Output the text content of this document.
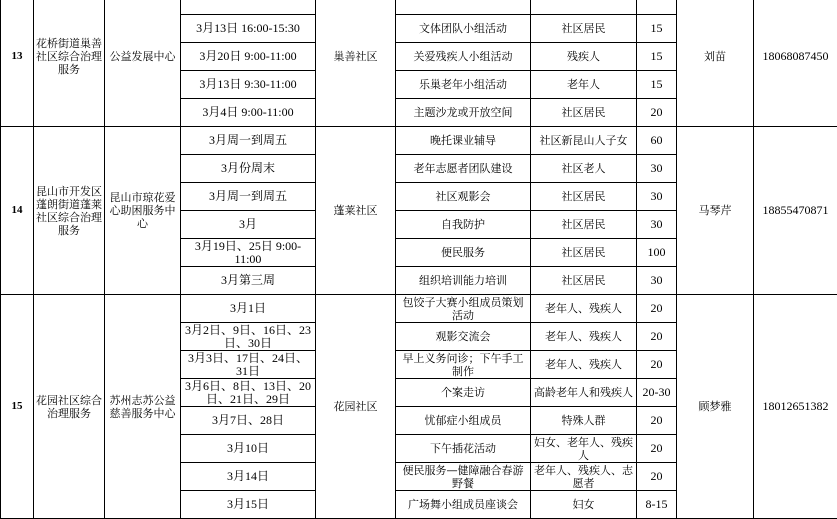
13	花桥街道巢善社区综合治理服务	公益发展中心		巢善社区				刘苗	18068087450
			3月13日 16:00-15:30		文体团队小组活动	社区居民	15		
			3月20日 9:00-11:00		关爱残疾人小组活动	残疾人	15		
			3月13日 9:30-11:00		乐巢老年小组活动	老年人	15		
			3月4日 9:00-11:00		主题沙龙或开放空间	社区居民	20		
14	昆山市开发区蓬朗街道蓬莱社区综合治理服务	昆山市琼花爱心助困服务中心	3月周一到周五	蓬莱社区	晚托课业辅导	社区新昆山人子女	60	马琴芹	18855470871
			3月份周末		老年志愿者团队建设	社区老人	30		
			3月周一到周五		社区观影会	社区居民	30		
			3月		自我防护	社区居民	30		
			3月19日、25日 9:00-11:00		便民服务	社区居民	100		
			3月第三周		组织培训能力培训	社区居民	30		
15	花园社区综合治理服务	苏州志苏公益慈善服务中心	3月1日	花园社区	包饺子大赛小组成员策划活动	老年人、残疾人	20	顾梦雅	18012651382
			3月2日、9日、16日、23日、30日		观影交流会	老年人、残疾人	20		
			3月3日、17日、24日、31日		早上义务问诊；下午手工制作	老年人、残疾人	20		
			3月6日、8日、13日、20日、21日、29日		个案走访	高龄老年人和残疾人	20-30		
			3月7日、28日		忧郁症小组成员	特殊人群	20		
			3月10日		下午插花活动	妇女、老年人、残疾人	20		
			3月14日		便民服务—健障融合春游野餐	老年人、残疾人、志愿者	20		
			3月15日		广场舞小组成员座谈会	妇女	8-15		
